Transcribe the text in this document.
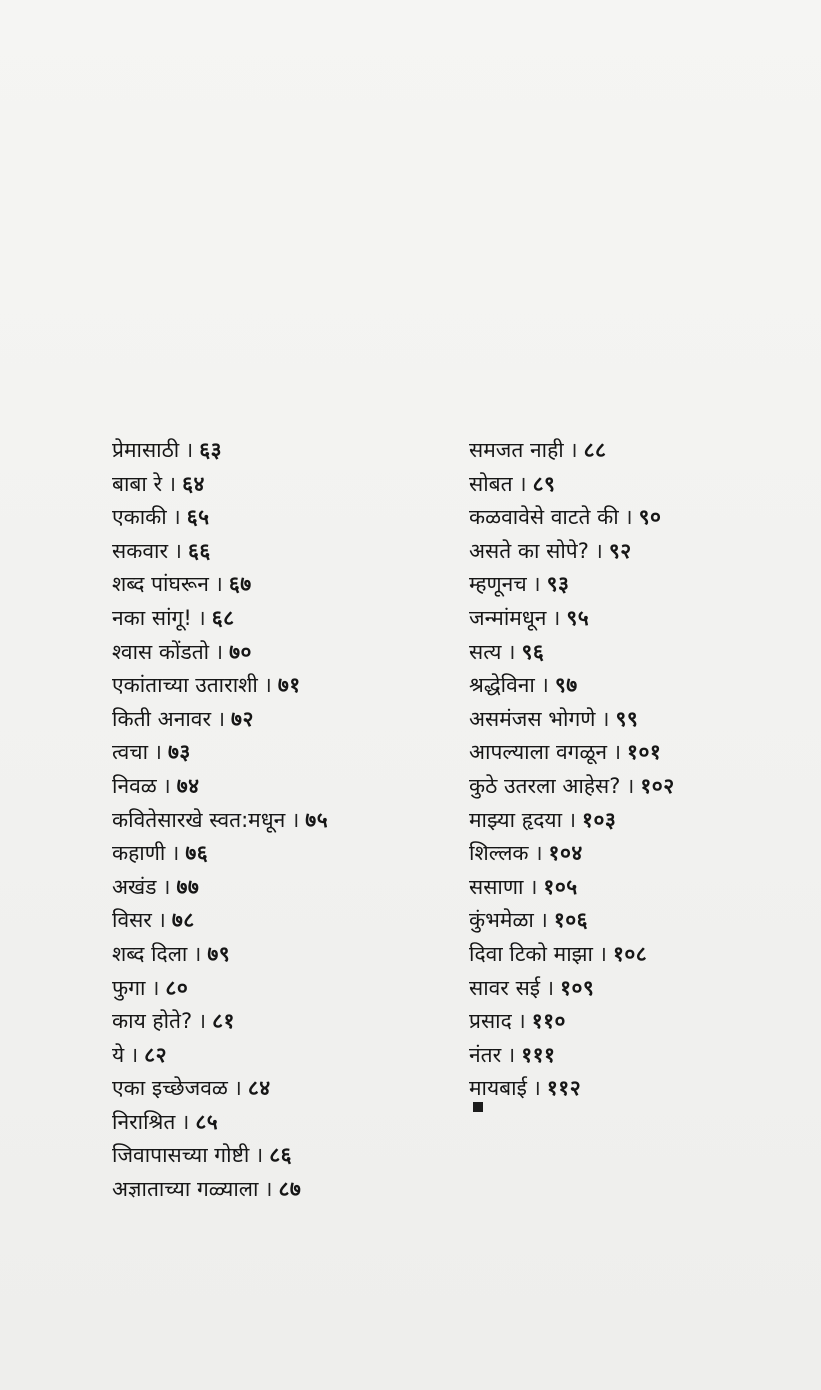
प्रेमासाठी । ६३
बाबा रे । ६४
एकाकी । ६५
सकवार । ६६
शब्द पांघरून । ६७
नका सांगू! । ६८
श्वास कोंडतो । ७०
एकांताच्या उताराशी । ७१
किती अनावर । ७२
त्वचा । ७३
निवळ । ७४
कवितेसारखे स्वत:मधून । ७५
कहाणी । ७६
अखंड । ७७
विसर । ७८
शब्द दिला । ७९
फुगा । ८०
काय होते? । ८१
ये । ८२
एका इच्छेजवळ । ८४
निराश्रित । ८५
जिवापासच्या गोष्टी । ८६
अज्ञाताच्या गळ्याला । ८७
समजत नाही । ८८
सोबत । ८९
कळवावेसे वाटते की । ९०
असते का सोपे? । ९२
म्हणूनच । ९३
जन्मांमधून । ९५
सत्य । ९६
श्रद्धेविना । ९७
असमंजस भोगणे । ९९
आपल्याला वगळून । १०१
कुठे उतरला आहेस? । १०२
माझ्या हृदया । १०३
शिल्लक । १०४
ससाणा । १०५
कुंभमेळा । १०६
दिवा टिको माझा । १०८
सावर सई । १०९
प्रसाद । ११०
नंतर । १११
मायबाई । ११२
